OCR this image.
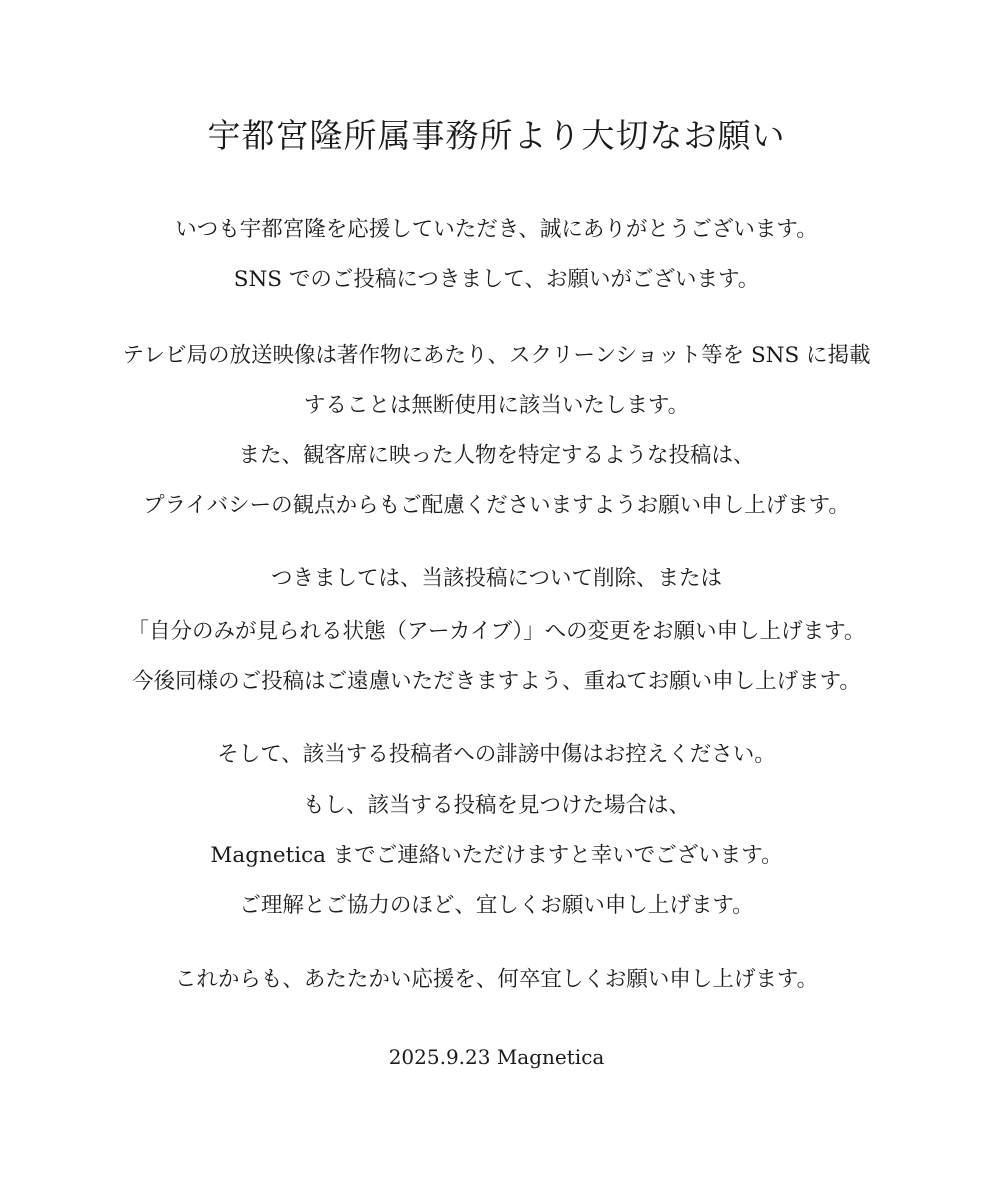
宇都宮隆所属事務所より大切なお願い

いつも宇都宮隆を応援していただき、誠にありがとうございます。

SNS でのご投稿につきまして、お願いがございます。

テレビ局の放送映像は著作物にあたり、スクリーンショット等を SNS に掲載

することは無断使用に該当いたします。

また、観客席に映った人物を特定するような投稿は、

プライバシーの観点からもご配慮くださいますようお願い申し上げます。

つきましては、当該投稿について削除、または

「自分のみが見られる状態（アーカイブ）」への変更をお願い申し上げます。

今後同様のご投稿はご遠慮いただきますよう、重ねてお願い申し上げます。

そして、該当する投稿者への誹謗中傷はお控えください。

もし、該当する投稿を見つけた場合は、

Magnetica までご連絡いただけますと幸いでございます。

ご理解とご協力のほど、宜しくお願い申し上げます。

これからも、あたたかい応援を、何卒宜しくお願い申し上げます。

2025.9.23 Magnetica
